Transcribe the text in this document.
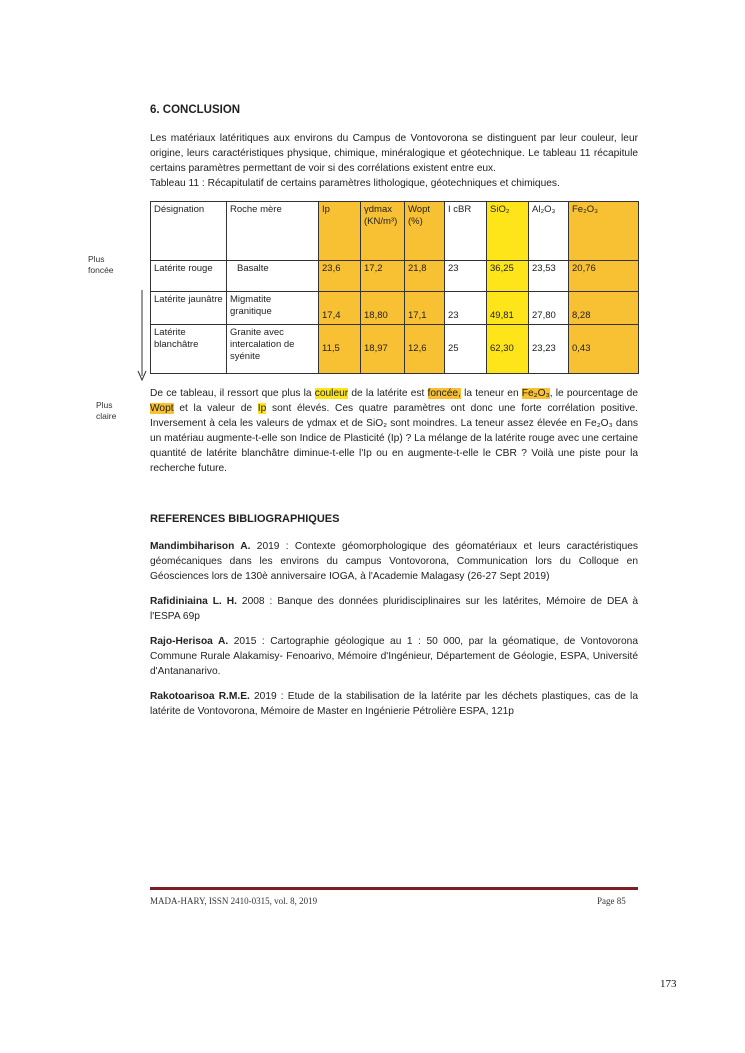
Plus foncée
Plus claire
6. CONCLUSION

Les matériaux latéritiques aux environs du Campus de Vontovorona se distinguent par leur couleur, leur origine, leurs caractéristiques physique, chimique, minéralogique et géotechnique. Le tableau 11 récapitule certains paramètres permettant de voir si des corrélations existent entre eux.

Tableau 11 : Récapitulatif de certains paramètres lithologique, géotechniques et chimiques.

Désignation	Roche mère	Ip	γdmax (KN/m³)	Wopt (%)	I cBR	SiO₂	Al₂O₃	Fe₂O₃
Latérite rouge	Basalte	23,6	17,2	21,8	23	36,25	23,53	20,76
Latérite jaunâtre	Migmatite granitique	17,4	18,80	17,1	23	49,81	27,80	8,28
Latérite blanchâtre	Granite avec intercalation de syénite	11,5	18,97	12,6	25	62,30	23,23	0,43

De ce tableau, il ressort que plus la couleur de la latérite est foncée, la teneur en Fe₂O₃, le pourcentage de Wopt et la valeur de Ip sont élevés. Ces quatre paramètres ont donc une forte corrélation positive. Inversement à cela les valeurs de γdmax et de SiO₂ sont moindres. La teneur assez élevée en Fe₂O₃ dans un matériau augmente-t-elle son Indice de Plasticité (Ip) ? La mélange de la latérite rouge avec une certaine quantité de latérite blanchâtre diminue-t-elle l'Ip ou en augmente-t-elle le CBR ? Voilà une piste pour la recherche future.

REFERENCES BIBLIOGRAPHIQUES

Mandimbiharison A. 2019 : Contexte géomorphologique des géomatériaux et leurs caractéristiques géomécaniques dans les environs du campus Vontovorona, Communication lors du Colloque en Géosciences lors de 130è anniversaire IOGA, à l'Academie Malagasy (26-27 Sept 2019)

Rafidiniaina L. H. 2008 : Banque des données pluridisciplinaires sur les latérites, Mémoire de DEA à l'ESPA 69p

Rajo-Herisoa A. 2015 : Cartographie géologique au 1 : 50 000, par la géomatique, de Vontovorona Commune Rurale Alakamisy- Fenoarivo, Mémoire d'Ingénieur, Département de Géologie, ESPA, Université d'Antananarivo.

Rakotoarisoa R.M.E. 2019 : Etude de la stabilisation de la latérite par les déchets plastiques, cas de la latérite de Vontovorona, Mémoire de Master en Ingénierie Pétrolière ESPA, 121p

MADA-HARY, ISSN 2410-0315, vol. 8, 2019	Page 85
173
